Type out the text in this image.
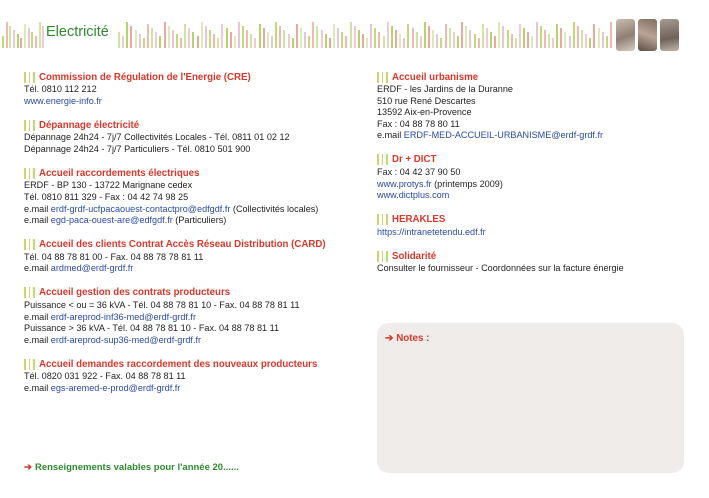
Electricité
Commission de Régulation de l'Energie (CRE)
Tél. 0810 112 212
www.energie-info.fr
Dépannage électricité
Dépannage 24h24 - 7j/7 Collectivités Locales - Tél. 0811 01 02 12
Dépannage 24h24 - 7j/7 Particuliers - Tél. 0810 501 900
Accueil raccordements électriques
ERDF - BP 130 - 13722 Marignane cedex
Tél. 0810 811 329 - Fax : 04 42 74 98 25
e.mail erdf-grdf-ucfpacaouest-contactpro@edfgdf.fr (Collectivités locales)
e.mail egd-paca-ouest-are@edfgdf.fr (Particuliers)
Accueil des clients Contrat Accès Réseau Distribution (CARD)
Tél. 04 88 78 81 00 - Fax. 04 88 78 78 81 11
e.mail ardmed@erdf-grdf.fr
Accueil gestion des contrats producteurs
Puissance < ou = 36 kVA - Tél. 04 88 78 81 10 - Fax. 04 88 78 81 11
e.mail erdf-areprod-inf36-med@erdf-grdf.fr
Puissance > 36 kVA - Tél. 04 88 78 81 10 - Fax. 04 88 78 81 11
e.mail erdf-areprod-sup36-med@erdf-grdf.fr
Accueil demandes raccordement des nouveaux producteurs
Tél. 0820 031 922 - Fax. 04 88 78 81 11
e.mail egs-aremed-e-prod@erdf-grdf.fr
Accueil urbanisme
ERDF - les Jardins de la Duranne
510 rue René Descartes
13592 Aix-en-Provence
Fax : 04 88 78 80 11
e.mail ERDF-MED-ACCUEIL-URBANISME@erdf-grdf.fr
Dr + DICT
Fax : 04 42 37 90 50
www.protys.fr (printemps 2009)
www.dictplus.com
HERAKLES
https://intranetetendu.edf.fr
Solidarité
Consulter le fournisseur - Coordonnées sur la facture énergie
➔ Renseignements valables pour l'année 20......
➔ Notes :
